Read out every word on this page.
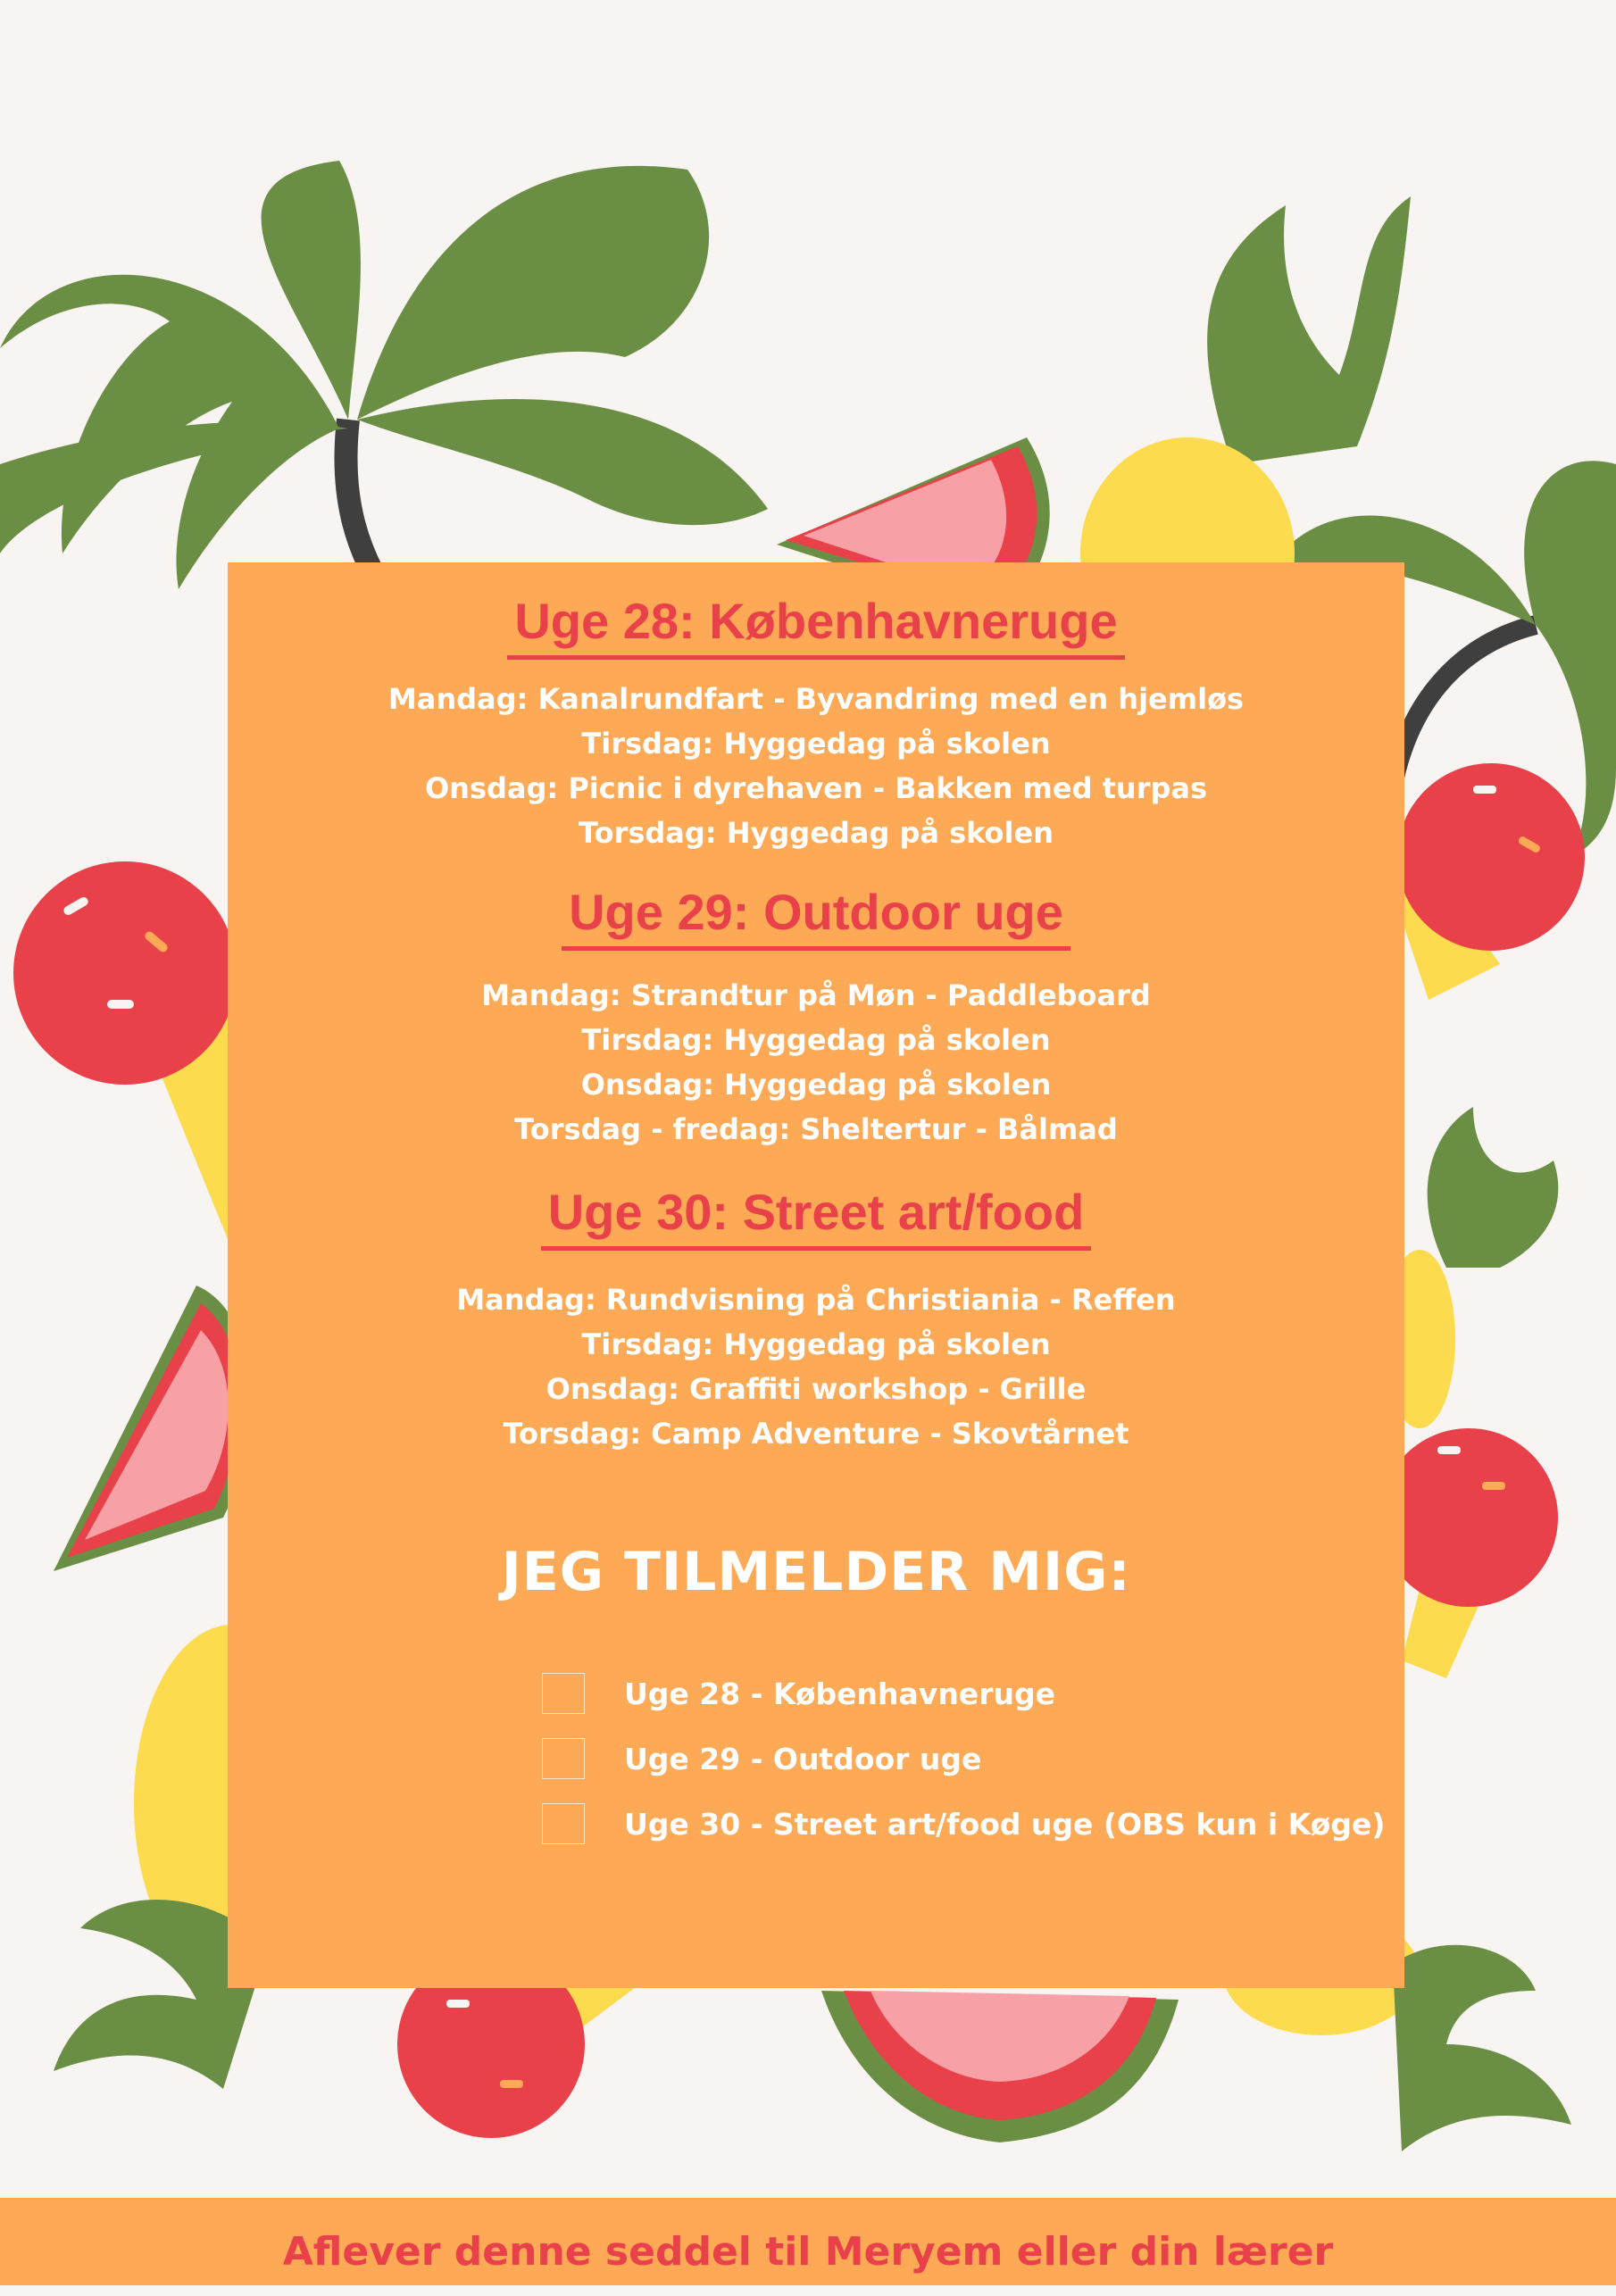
Uge 28: Københavneruge
Mandag: Kanalrundfart - Byvandring med en hjemløs
Tirsdag: Hyggedag på skolen
Onsdag: Picnic i dyrehaven - Bakken med turpas
Torsdag: Hyggedag på skolen
Uge 29: Outdoor uge
Mandag: Strandtur på Møn - Paddleboard
Tirsdag: Hyggedag på skolen
Onsdag: Hyggedag på skolen
Torsdag - fredag: Sheltertur - Bålmad
Uge 30: Street art/food
Mandag: Rundvisning på Christiania - Reffen
Tirsdag: Hyggedag på skolen
Onsdag: Graffiti workshop - Grille
Torsdag: Camp Adventure - Skovtårnet
JEG TILMELDER MIG:
Uge 28 - Københavneruge
Uge 29 - Outdoor uge
Uge 30 - Street art/food uge (OBS kun i Køge)
Aflever denne seddel til Meryem eller din lærer
